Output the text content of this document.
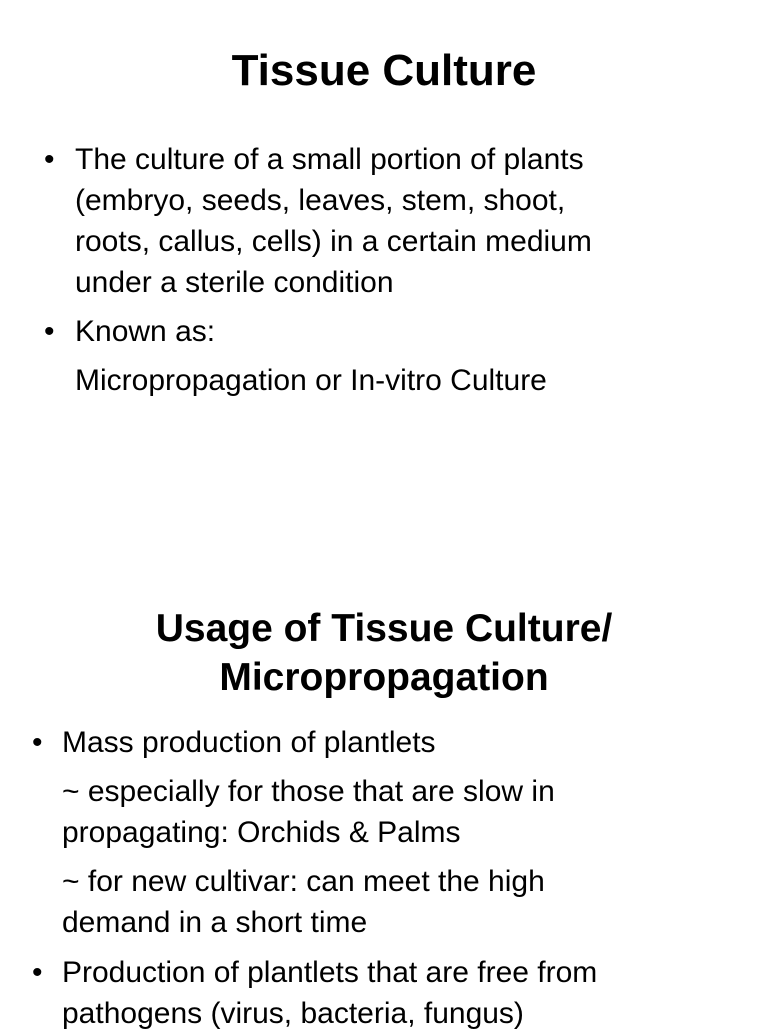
Tissue Culture
• The culture of a small portion of plants

(embryo, seeds, leaves, stem, shoot,

roots, callus, cells) in a certain medium

under a sterile condition

• Known as:

Micropropagation or In-vitro Culture

Usage of Tissue Culture/
Micropropagation
• Mass production of plantlets

~ especially for those that are slow in

propagating: Orchids & Palms

~ for new cultivar: can meet the high

demand in a short time

• Production of plantlets that are free from

pathogens (virus, bacteria, fungus)
